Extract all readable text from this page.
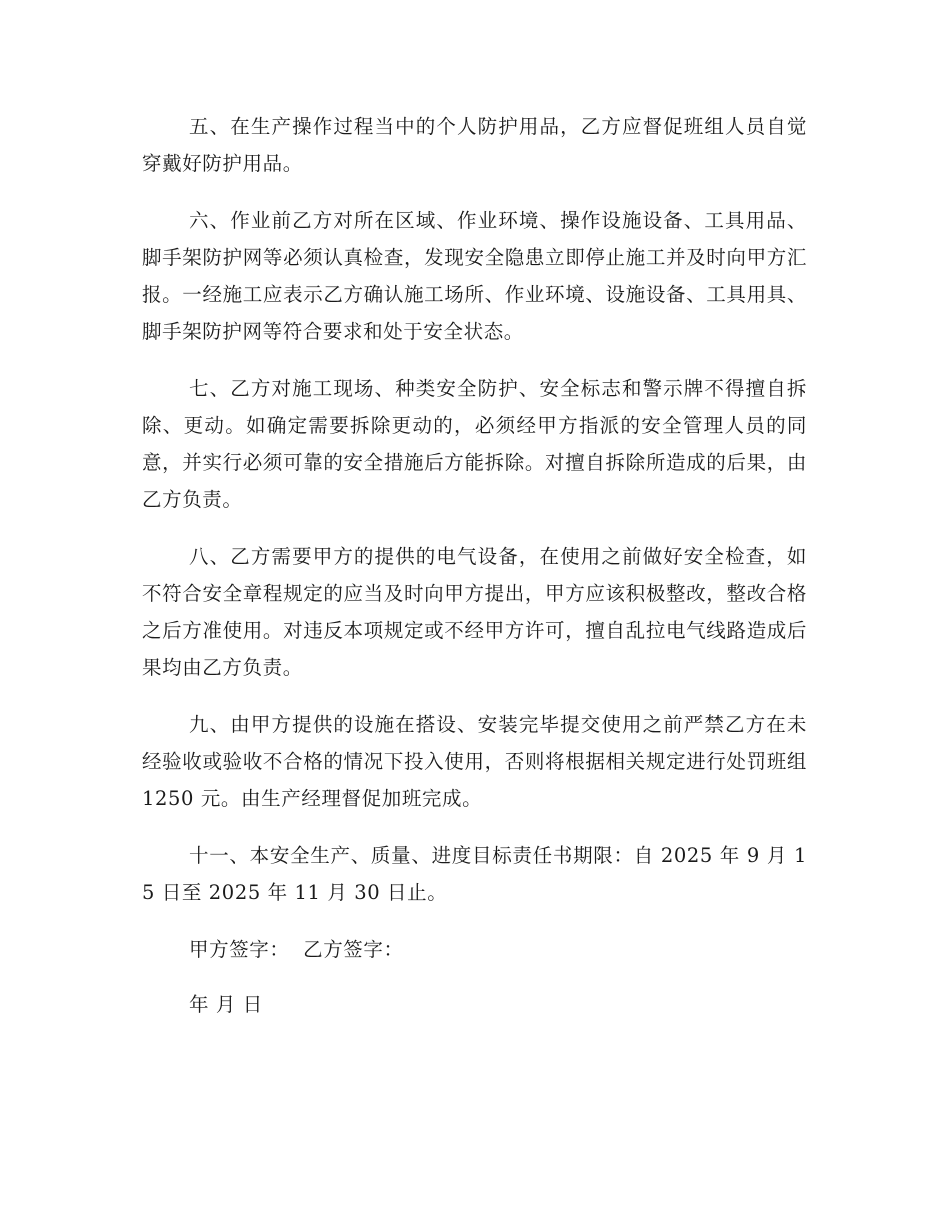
五、在生产操作过程当中的个人防护用品，乙方应督促班组人员自觉穿戴好防护用品。

六、作业前乙方对所在区域、作业环境、操作设施设备、工具用品、脚手架防护网等必须认真检查，发现安全隐患立即停止施工并及时向甲方汇报。一经施工应表示乙方确认施工场所、作业环境、设施设备、工具用具、脚手架防护网等符合要求和处于安全状态。

七、乙方对施工现场、种类安全防护、安全标志和警示牌不得擅自拆除、更动。如确定需要拆除更动的，必须经甲方指派的安全管理人员的同意，并实行必须可靠的安全措施后方能拆除。对擅自拆除所造成的后果，由乙方负责。

八、乙方需要甲方的提供的电气设备，在使用之前做好安全检查，如不符合安全章程规定的应当及时向甲方提出，甲方应该积极整改，整改合格之后方准使用。对违反本项规定或不经甲方许可，擅自乱拉电气线路造成后果均由乙方负责。

九、由甲方提供的设施在搭设、安装完毕提交使用之前严禁乙方在未经验收或验收不合格的情况下投入使用，否则将根据相关规定进行处罚班组 1250 元。由生产经理督促加班完成。

十一、本安全生产、质量、进度目标责任书期限：自 2025 年 9 月 15 日至 2025 年 11 月 30 日止。

甲方签字：  乙方签字：

年 月 日
